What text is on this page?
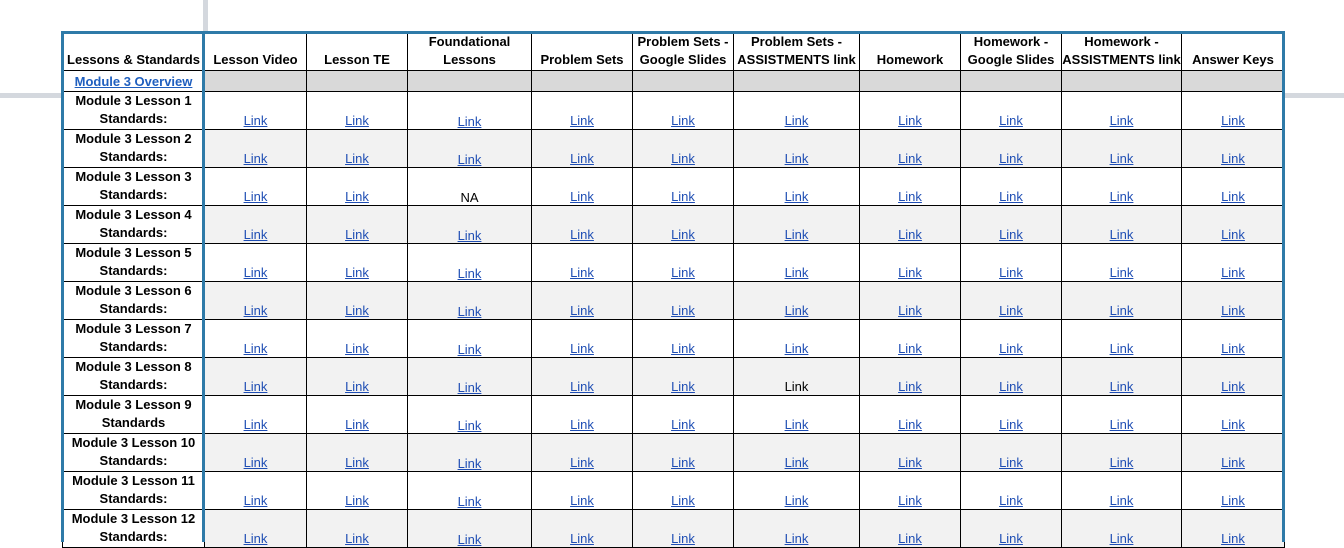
Lessons & Standards	Lesson Video	Lesson TE	Foundational Lessons	Problem Sets	Problem Sets - Google Slides	Problem Sets - ASSISTMENTS link	Homework	Homework - Google Slides	Homework - ASSISTMENTS link	Answer Keys
Module 3 Overview										

Module 3 Lesson 1
Standards:	Link	Link	Link	Link	Link	Link	Link	Link	Link	Link

Module 3 Lesson 2
Standards:	Link	Link	Link	Link	Link	Link	Link	Link	Link	Link

Module 3 Lesson 3
Standards:	Link	Link	NA	Link	Link	Link	Link	Link	Link	Link

Module 3 Lesson 4
Standards:	Link	Link	Link	Link	Link	Link	Link	Link	Link	Link

Module 3 Lesson 5
Standards:	Link	Link	Link	Link	Link	Link	Link	Link	Link	Link

Module 3 Lesson 6
Standards:	Link	Link	Link	Link	Link	Link	Link	Link	Link	Link

Module 3 Lesson 7
Standards:	Link	Link	Link	Link	Link	Link	Link	Link	Link	Link

Module 3 Lesson 8
Standards:	Link	Link	Link	Link	Link	Link	Link	Link	Link	Link

Module 3 Lesson 9
Standards	Link	Link	Link	Link	Link	Link	Link	Link	Link	Link

Module 3 Lesson 10
Standards:	Link	Link	Link	Link	Link	Link	Link	Link	Link	Link

Module 3 Lesson 11
Standards:	Link	Link	Link	Link	Link	Link	Link	Link	Link	Link

Module 3 Lesson 12
Standards:	Link	Link	Link	Link	Link	Link	Link	Link	Link	Link
